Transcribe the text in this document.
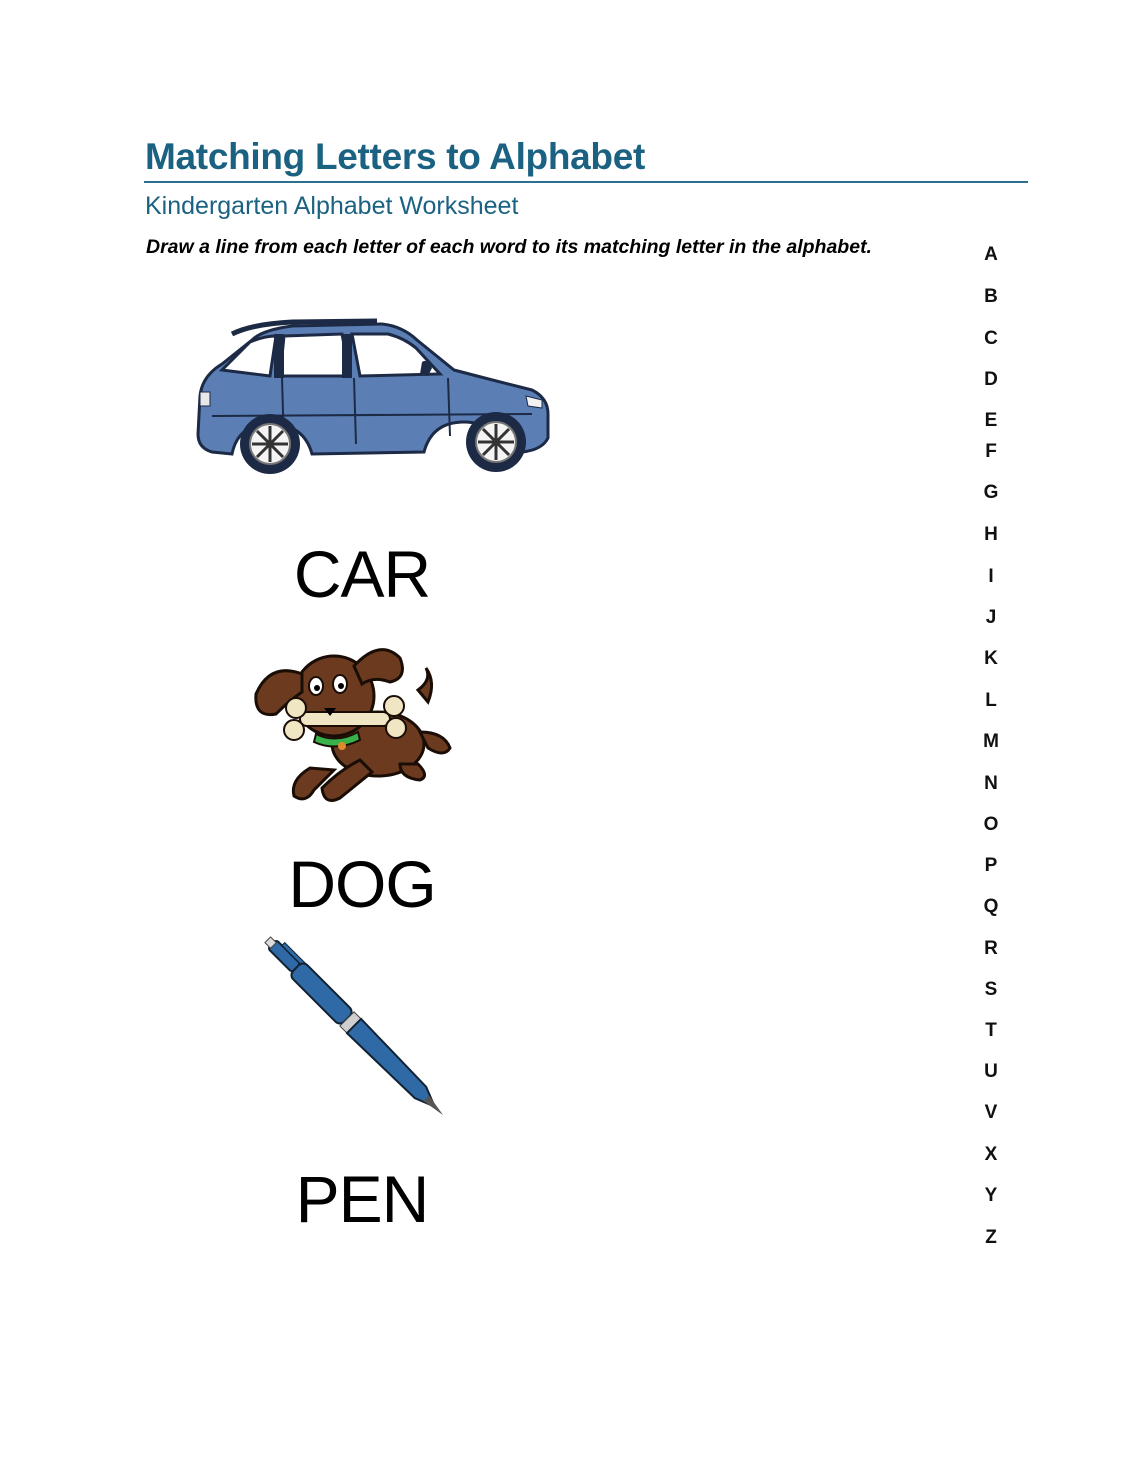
Matching Letters to Alphabet
Kindergarten Alphabet Worksheet
Draw a line from each letter of each word to its matching letter in the alphabet.
CAR
DOG
PEN
A
B
C
D
E
F
G
H
I
J
K
L
M
N
O
P
Q
R
S
T
U
V
X
Y
Z
